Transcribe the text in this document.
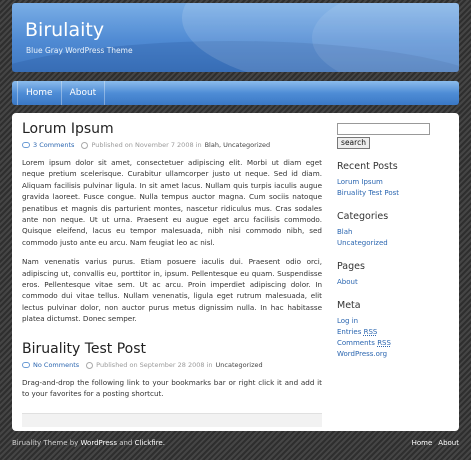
Birulaity
Blue Gray WordPress Theme
Home	About
Lorum Ipsum
3 Comments	Published on November 7 2008 in Blah, Uncategorized

Lorem ipsum dolor sit amet, consectetuer adipiscing elit. Morbi ut diam eget neque pretium scelerisque. Curabitur ullamcorper justo ut neque. Sed id diam. Aliquam facilisis pulvinar ligula. In sit amet lacus. Nullam quis turpis iaculis augue gravida laoreet. Fusce congue. Nulla tempus auctor magna. Cum sociis natoque penatibus et magnis dis parturient montes, nascetur ridiculus mus. Cras sodales ante non neque. Ut ut urna. Praesent eu augue eget arcu facilisis commodo. Quisque eleifend, lacus eu tempor malesuada, nibh nisi commodo nibh, sed commodo justo ante eu arcu. Nam feugiat leo ac nisl.

Nam venenatis varius purus. Etiam posuere iaculis dui. Praesent odio orci, adipiscing ut, convallis eu, porttitor in, ipsum. Pellentesque eu quam. Suspendisse eros. Pellentesque vitae sem. Ut ac arcu. Proin imperdiet adipiscing dolor. In commodo dui vitae tellus. Nullam venenatis, ligula eget rutrum malesuada, elit lectus pulvinar dolor, non auctor purus metus dignissim nulla. In hac habitasse platea dictumst. Donec semper.

Biruality Test Post
No Comments	Published on September 28 2008 in Uncategorized

Drag-and-drop the following link to your bookmarks bar or right click it and add it to your favorites for a posting shortcut.

search
Recent Posts
Lorum Ipsum
Biruality Test Post
Categories
Blah
Uncategorized
Pages
About
Meta
Log in
Entries RSS
Comments RSS
WordPress.org
Biruality Theme by WordPress and Clickfire.	Home About
